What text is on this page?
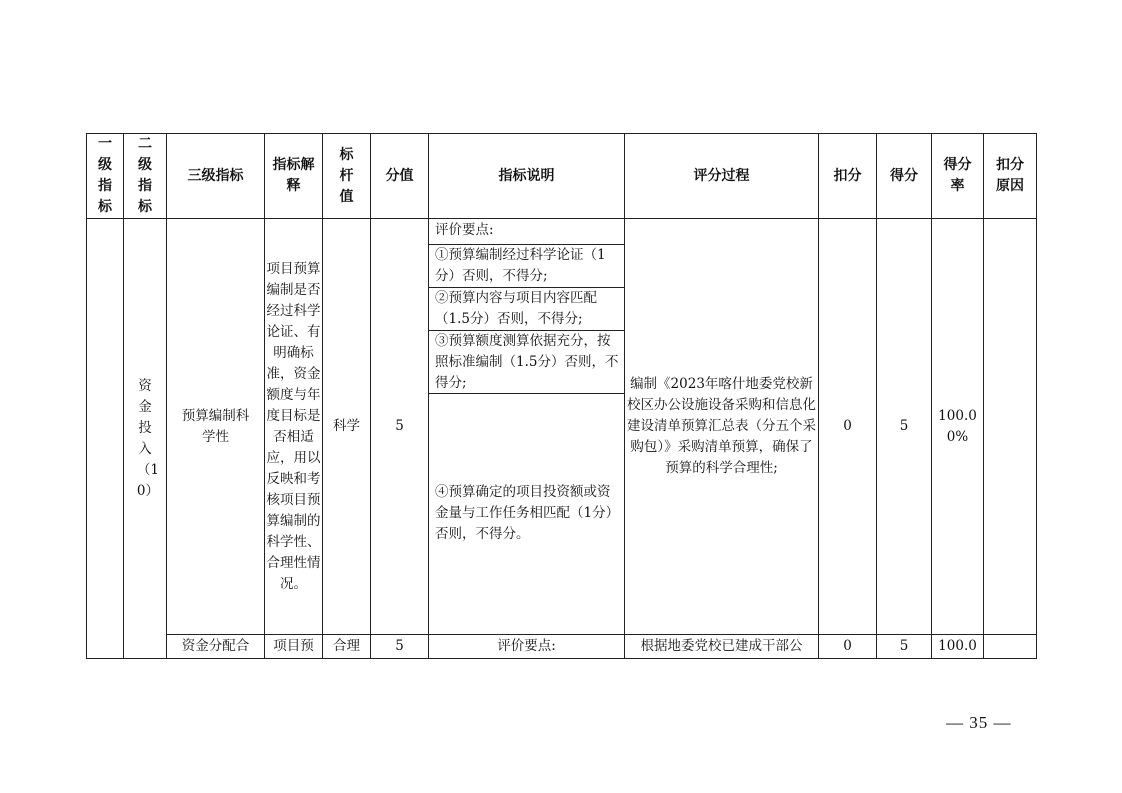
一级指标	二级指标	三级指标	指标解释	标杆值	分值	指标说明	评分过程	扣分	得分	得分率	扣分原因

	资金投入（10）	预算编制科学性	项目预算编制是否经过科学论证、有明确标准，资金额度与年度目标是否相适应，用以反映和考核项目预算编制的科学性、合理性情况。	科学	5	评价要点:
①预算编制经过科学论证（1分）否则，不得分;
②预算内容与项目内容匹配（1.5分）否则，不得分;
③预算额度测算依据充分，按照标准编制（1.5分）否则，不得分;
④预算确定的项目投资额或资金量与工作任务相匹配（1分）否则，不得分。	编制《2023年喀什地委党校新校区办公设施设备采购和信息化建设清单预算汇总表（分五个采购包）》采购清单预算，确保了预算的科学合理性;	0	5	100.00%	

		资金分配合	项目预	合理	5	评价要点:	根据地委党校已建成干部公	0	5	100.0	
— 35 —
